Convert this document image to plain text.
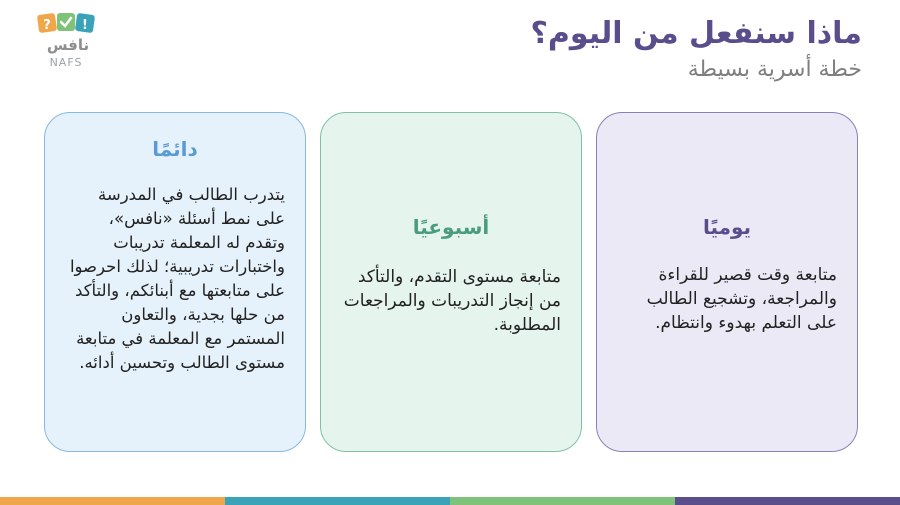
? !
نافس
NAFS
ماذا سنفعل من اليوم؟
خطة أسرية بسيطة
يوميًا
متابعة وقت قصير للقراءة والمراجعة، وتشجيع الطالب على التعلم بهدوء وانتظام.
أسبوعيًا
متابعة مستوى التقدم، والتأكد من إنجاز التدريبات والمراجعات المطلوبة.
دائمًا
يتدرب الطالب في المدرسة على نمط أسئلة «نافس»، وتقدم له المعلمة تدريبات واختبارات تدريبية؛ لذلك احرصوا على متابعتها مع أبنائكم، والتأكد من حلها بجدية، والتعاون المستمر مع المعلمة في متابعة مستوى الطالب وتحسين أدائه.
